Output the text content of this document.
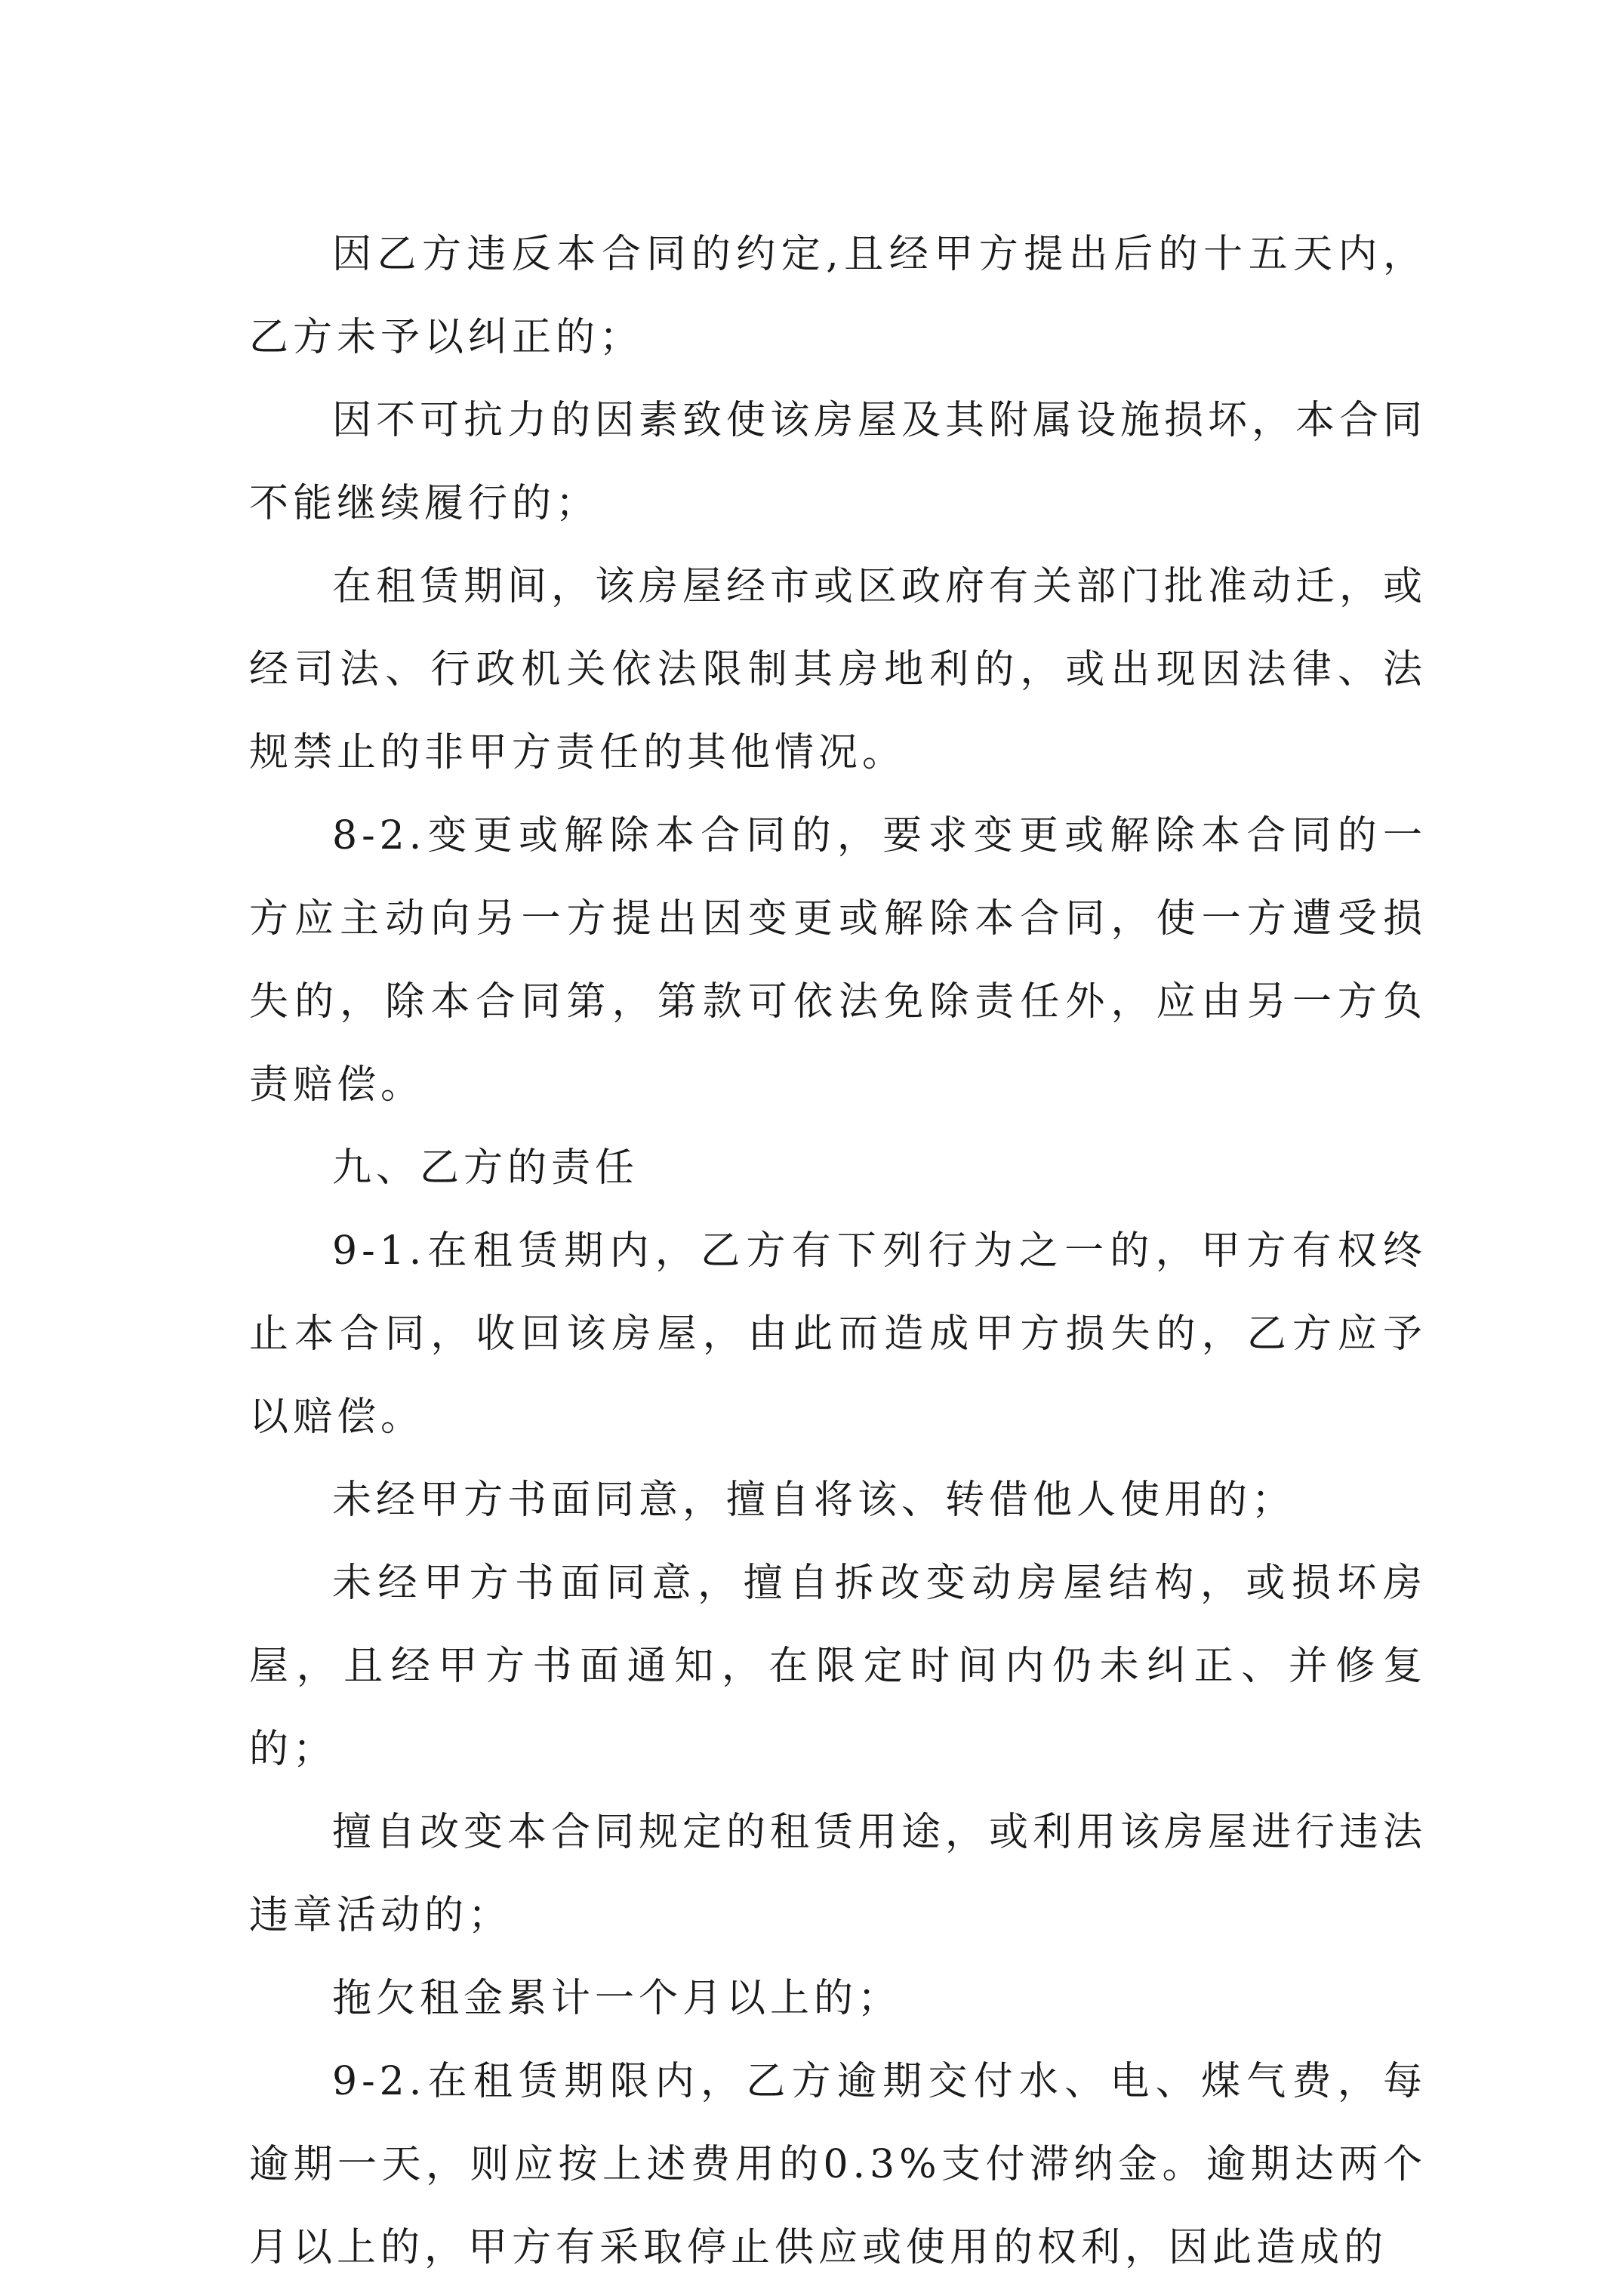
因乙方违反本合同的约定,且经甲方提出后的十五天内，乙方未予以纠正的；

因不可抗力的因素致使该房屋及其附属设施损坏，本合同不能继续履行的；

在租赁期间，该房屋经市或区政府有关部门批准动迁，或经司法、行政机关依法限制其房地利的，或出现因法律、法规禁止的非甲方责任的其他情况。

8-2.变更或解除本合同的，要求变更或解除本合同的一方应主动向另一方提出因变更或解除本合同，使一方遭受损失的，除本合同第，第款可依法免除责任外，应由另一方负责赔偿。

九、乙方的责任

9-1.在租赁期内，乙方有下列行为之一的，甲方有权终止本合同，收回该房屋，由此而造成甲方损失的，乙方应予以赔偿。

未经甲方书面同意，擅自将该、转借他人使用的；

未经甲方书面同意，擅自拆改变动房屋结构，或损坏房屋，且经甲方书面通知，在限定时间内仍未纠正、并修复的；

擅自改变本合同规定的租赁用途，或利用该房屋进行违法违章活动的；

拖欠租金累计一个月以上的；

9-2.在租赁期限内，乙方逾期交付水、电、煤气费，每逾期一天，则应按上述费用的0.3%支付滞纳金。逾期达两个月以上的，甲方有采取停止供应或使用的权利，因此造成的
